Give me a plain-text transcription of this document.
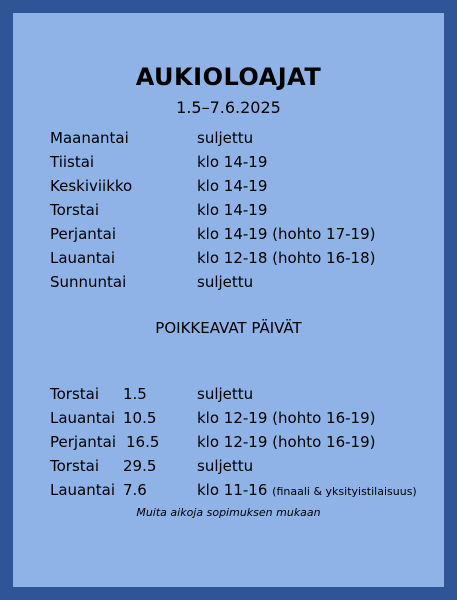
AUKIOLOAJAT
1.5–7.6.2025
Maanantai	suljettu
Tiistai	klo 14-19
Keskiviikko	klo 14-19
Torstai	klo 14-19
Perjantai	klo 14-19 (hohto 17-19)
Lauantai	klo 12-18 (hohto 16-18)
Sunnuntai	suljettu
POIKKEAVAT PÄIVÄT
Torstai 1.5	suljettu
Lauantai 10.5	klo 12-19 (hohto 16-19)
Perjantai 16.5	klo 12-19 (hohto 16-19)
Torstai 29.5	suljettu
Lauantai 7.6	klo 11-16 (finaali & yksityistilaisuus)
Muita aikoja sopimuksen mukaan
